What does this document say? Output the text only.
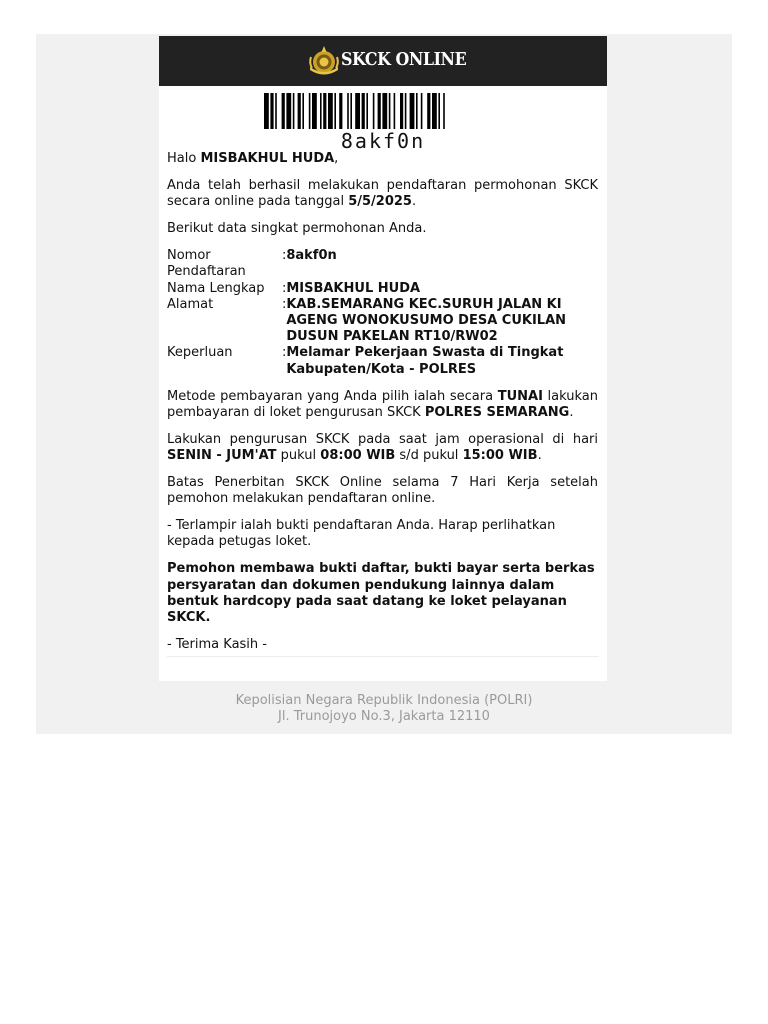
SKCK ONLINE
8akf0n

Halo MISBAKHUL HUDA,

Anda telah berhasil melakukan pendaftaran permohonan SKCK secara online pada tanggal 5/5/2025.

Berikut data singkat permohonan Anda.

Nomor Pendaftaran	:	8akf0n
Nama Lengkap	:	MISBAKHUL HUDA
Alamat	:	KAB.SEMARANG KEC.SURUH JALAN KI AGENG WONOKUSUMO DESA CUKILAN DUSUN PAKELAN RT10/RW02
Keperluan	:	Melamar Pekerjaan Swasta di Tingkat Kabupaten/Kota - POLRES

Metode pembayaran yang Anda pilih ialah secara TUNAI lakukan pembayaran di loket pengurusan SKCK POLRES SEMARANG.

Lakukan pengurusan SKCK pada saat jam operasional di hari SENIN - JUM'AT pukul 08:00 WIB s/d pukul 15:00 WIB.

Batas Penerbitan SKCK Online selama 7 Hari Kerja setelah pemohon melakukan pendaftaran online.

- Terlampir ialah bukti pendaftaran Anda. Harap perlihatkan kepada petugas loket.

Pemohon membawa bukti daftar, bukti bayar serta berkas persyaratan dan dokumen pendukung lainnya dalam bentuk hardcopy pada saat datang ke loket pelayanan SKCK.

- Terima Kasih -

Kepolisian Negara Republik Indonesia (POLRI)
Jl. Trunojoyo No.3, Jakarta 12110
